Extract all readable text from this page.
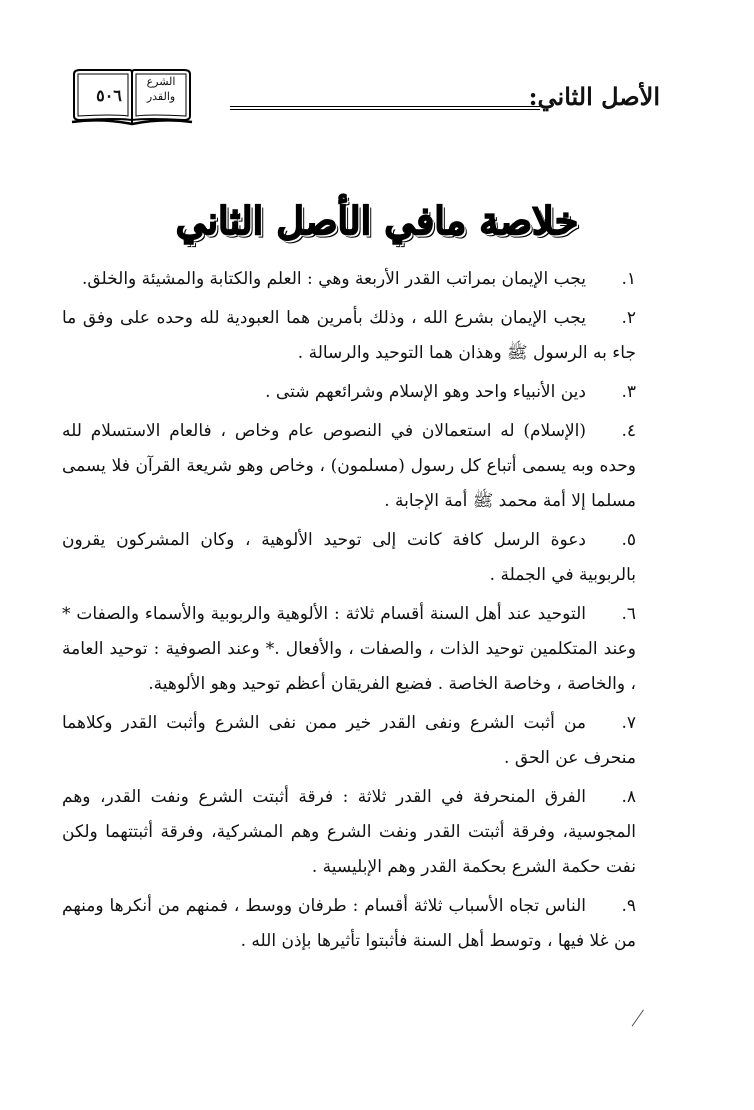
الأصل الثاني:
٥٠٦
الشرع
والقدر
خلاصة مافي الأصل الثاني
١.يجب الإيمان بمراتب القدر الأربعة وهي : العلم والكتابة والمشيئة والخلق.
٢.يجب الإيمان بشرع الله ، وذلك بأمرين هما العبودية لله وحده على وفق ما جاء به الرسول ﷺ وهذان هما التوحيد والرسالة .
٣.دين الأنبياء واحد وهو الإسلام وشرائعهم شتى .
٤.(الإسلام) له استعمالان في النصوص عام وخاص ، فالعام الاستسلام لله وحده وبه يسمى أتباع كل رسول (مسلمون) ، وخاص وهو شريعة القرآن فلا يسمى مسلما إلا أمة محمد ﷺ أمة الإجابة .
٥.دعوة الرسل كافة كانت إلى توحيد الألوهية ، وكان المشركون يقرون بالربوبية في الجملة .
٦.التوحيد عند أهل السنة أقسام ثلاثة : الألوهية والربوبية والأسماء والصفات * وعند المتكلمين توحيد الذات ، والصفات ، والأفعال .* وعند الصوفية : توحيد العامة ، والخاصة ، وخاصة الخاصة . فضيع الفريقان أعظم توحيد وهو الألوهية.
٧.من أثبت الشرع ونفى القدر خير ممن نفى الشرع وأثبت القدر وكلاهما منحرف عن الحق .
٨.الفرق المنحرفة في القدر ثلاثة : فرقة أثبتت الشرع ونفت القدر، وهم المجوسية، وفرقة أثبتت القدر ونفت الشرع وهم المشركية، وفرقة أثبتتهما ولكن نفت حكمة الشرع بحكمة القدر وهم الإبليسية .
٩.الناس تجاه الأسباب ثلاثة أقسام : طرفان ووسط ، فمنهم من أنكرها ومنهم من غلا فيها ، وتوسط أهل السنة فأثبتوا تأثيرها بإذن الله .
